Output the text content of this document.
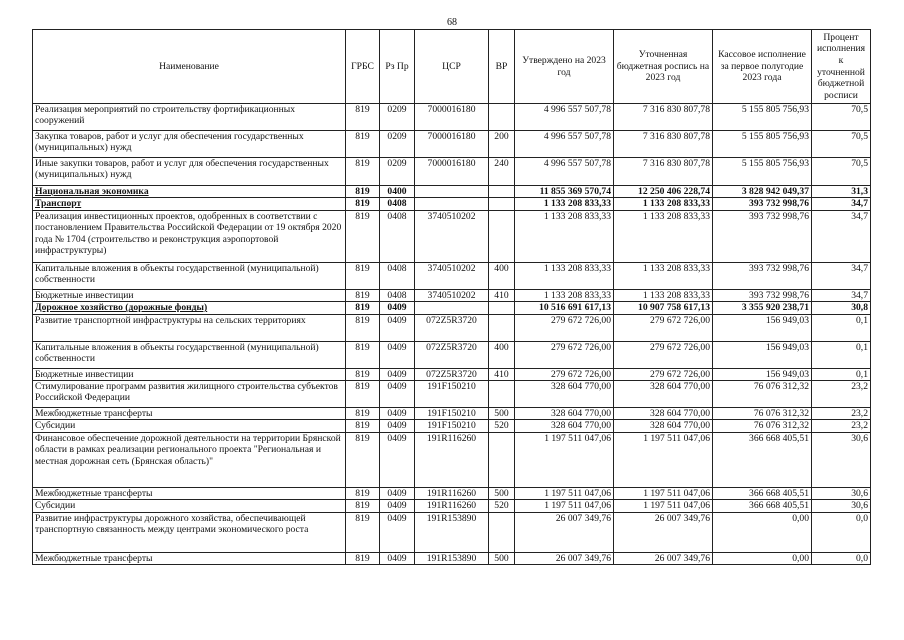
68
Наименование	ГРБС	Рз Пр	ЦСР	ВР	Утверждено на 2023 год	Уточненная бюджетная роспись на 2023 год	Кассовое исполнение за первое полугодие 2023 года	Процент исполнения к уточненной бюджетной росписи
Реализация мероприятий по строительству фортификационных сооружений	819	0209	7000016180		4 996 557 507,78	7 316 830 807,78	5 155 805 756,93	70,5
Закупка товаров, работ и услуг для обеспечения государственных (муниципальных) нужд	819	0209	7000016180	200	4 996 557 507,78	7 316 830 807,78	5 155 805 756,93	70,5
Иные закупки товаров, работ и услуг для обеспечения государственных (муниципальных) нужд	819	0209	7000016180	240	4 996 557 507,78	7 316 830 807,78	5 155 805 756,93	70,5
Национальная экономика	819	0400			11 855 369 570,74	12 250 406 228,74	3 828 942 049,37	31,3
Транспорт	819	0408			1 133 208 833,33	1 133 208 833,33	393 732 998,76	34,7
Реализация инвестиционных проектов, одобренных в соответствии с постановлением Правительства Российской Федерации от 19 октября 2020 года № 1704 (строительство и реконструкция аэропортовой инфраструктуры)	819	0408	3740510202		1 133 208 833,33	1 133 208 833,33	393 732 998,76	34,7
Капитальные вложения в объекты государственной (муниципальной) собственности	819	0408	3740510202	400	1 133 208 833,33	1 133 208 833,33	393 732 998,76	34,7
Бюджетные инвестиции	819	0408	3740510202	410	1 133 208 833,33	1 133 208 833,33	393 732 998,76	34,7
Дорожное хозяйство (дорожные фонды)	819	0409			10 516 691 617,13	10 907 758 617,13	3 355 920 238,71	30,8
Развитие транспортной инфраструктуры на сельских территориях	819	0409	072Z5R3720		279 672 726,00	279 672 726,00	156 949,03	0,1
Капитальные вложения в объекты государственной (муниципальной) собственности	819	0409	072Z5R3720	400	279 672 726,00	279 672 726,00	156 949,03	0,1
Бюджетные инвестиции	819	0409	072Z5R3720	410	279 672 726,00	279 672 726,00	156 949,03	0,1
Стимулирование программ развития жилищного строительства субъектов Российской Федерации	819	0409	191F150210		328 604 770,00	328 604 770,00	76 076 312,32	23,2
Межбюджетные трансферты	819	0409	191F150210	500	328 604 770,00	328 604 770,00	76 076 312,32	23,2
Субсидии	819	0409	191F150210	520	328 604 770,00	328 604 770,00	76 076 312,32	23,2
Финансовое обеспечение дорожной деятельности на территории Брянской области в рамках реализации регионального проекта "Региональная и местная дорожная сеть (Брянская область)"	819	0409	191R116260		1 197 511 047,06	1 197 511 047,06	366 668 405,51	30,6
Межбюджетные трансферты	819	0409	191R116260	500	1 197 511 047,06	1 197 511 047,06	366 668 405,51	30,6
Субсидии	819	0409	191R116260	520	1 197 511 047,06	1 197 511 047,06	366 668 405,51	30,6
Развитие инфраструктуры дорожного хозяйства, обеспечивающей транспортную связанность между центрами экономического роста	819	0409	191R153890		26 007 349,76	26 007 349,76	0,00	0,0
Межбюджетные трансферты	819	0409	191R153890	500	26 007 349,76	26 007 349,76	0,00	0,0
